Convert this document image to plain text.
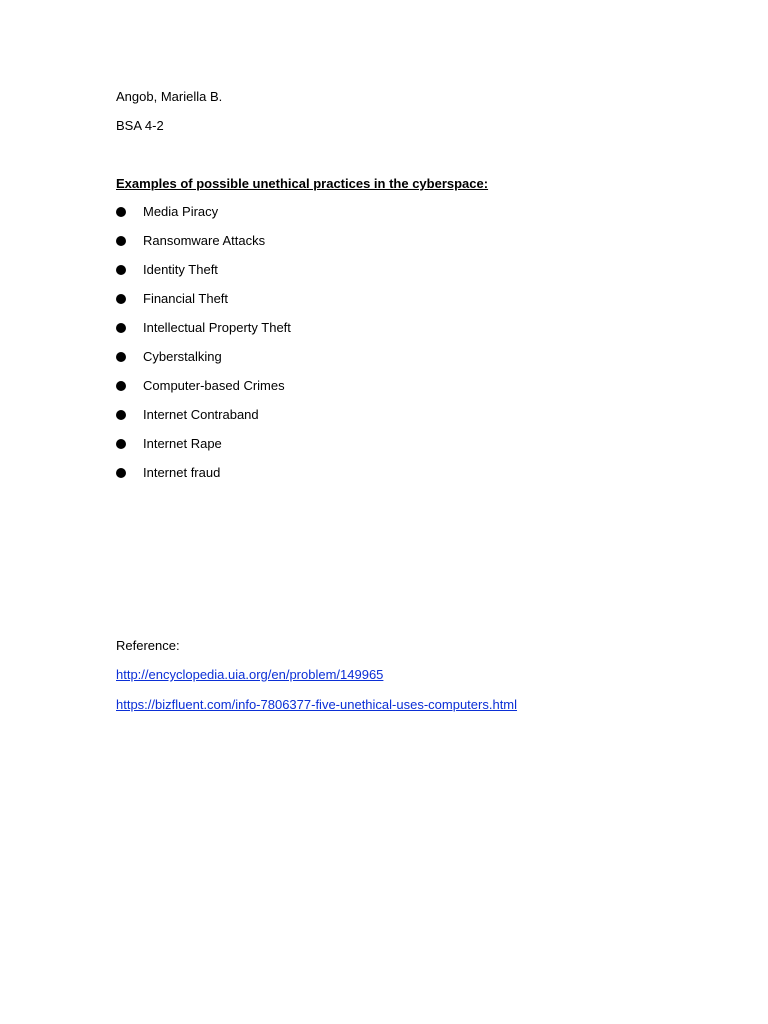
Angob, Mariella B.
BSA 4-2
Examples of possible unethical practices in the cyberspace:
Media Piracy
Ransomware Attacks
Identity Theft
Financial Theft
Intellectual Property Theft
Cyberstalking
Computer-based Crimes
Internet Contraband
Internet Rape
Internet fraud
Reference:
http://encyclopedia.uia.org/en/problem/149965
https://bizfluent.com/info-7806377-five-unethical-uses-computers.html
